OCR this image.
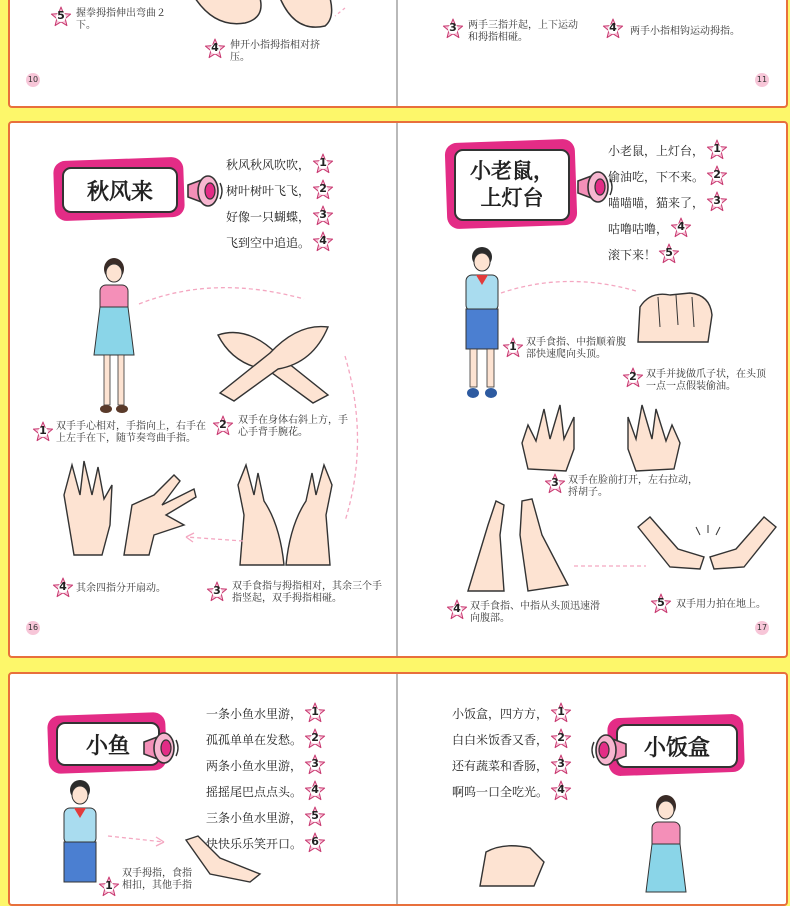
5	握拳拇指伸出弯曲２下。
4	伸开小指拇指相对挤压。
10
3	两手三指并起，上下运动和拇指相碰。
4	两手小指相钩运动拇指。
11
秋风来
秋风秋风吹吹， 1
树叶树叶飞飞， 2
好像一只蝴蝶， 3
飞到空中追追。 4
1 双手手心相对，手指向上，右手在上左手在下，随节奏弯曲手指。
2	双手在身体右斜上方，手心手背手腕花。
4 其余四指分开扇动。	3	双手食指与拇指相对，其余三个手指竖起，双手拇指相碰。
16
小老鼠，
上灯台
小老鼠，上灯台， 1
偷油吃，下不来。 2
喵喵喵，猫来了， 3
咕噜咕噜， 4
滚下来！ 5
1 双手食指、中指顺着腹部快速爬向头顶。
2 双手并拢做爪子状，在头顶一点一点假装偷油。
3 双手在脸前打开，左右拉动，捋胡子。
4 双手食指、中指从头顶迅速滑向腹部。
5	双手用力拍在地上。
17
小鱼
一条小鱼水里游， 1
孤孤单单在发愁。 2
两条小鱼水里游， 3
摇摇尾巴点点头。 4
三条小鱼水里游， 5
快快乐乐笑开口。 6
1
双手拇指，食指相扣，其他手指
小饭盒，四方方， 1
白白米饭香又香， 2
还有蔬菜和香肠， 3
啊呜一口全吃光。 4
小饭盒
